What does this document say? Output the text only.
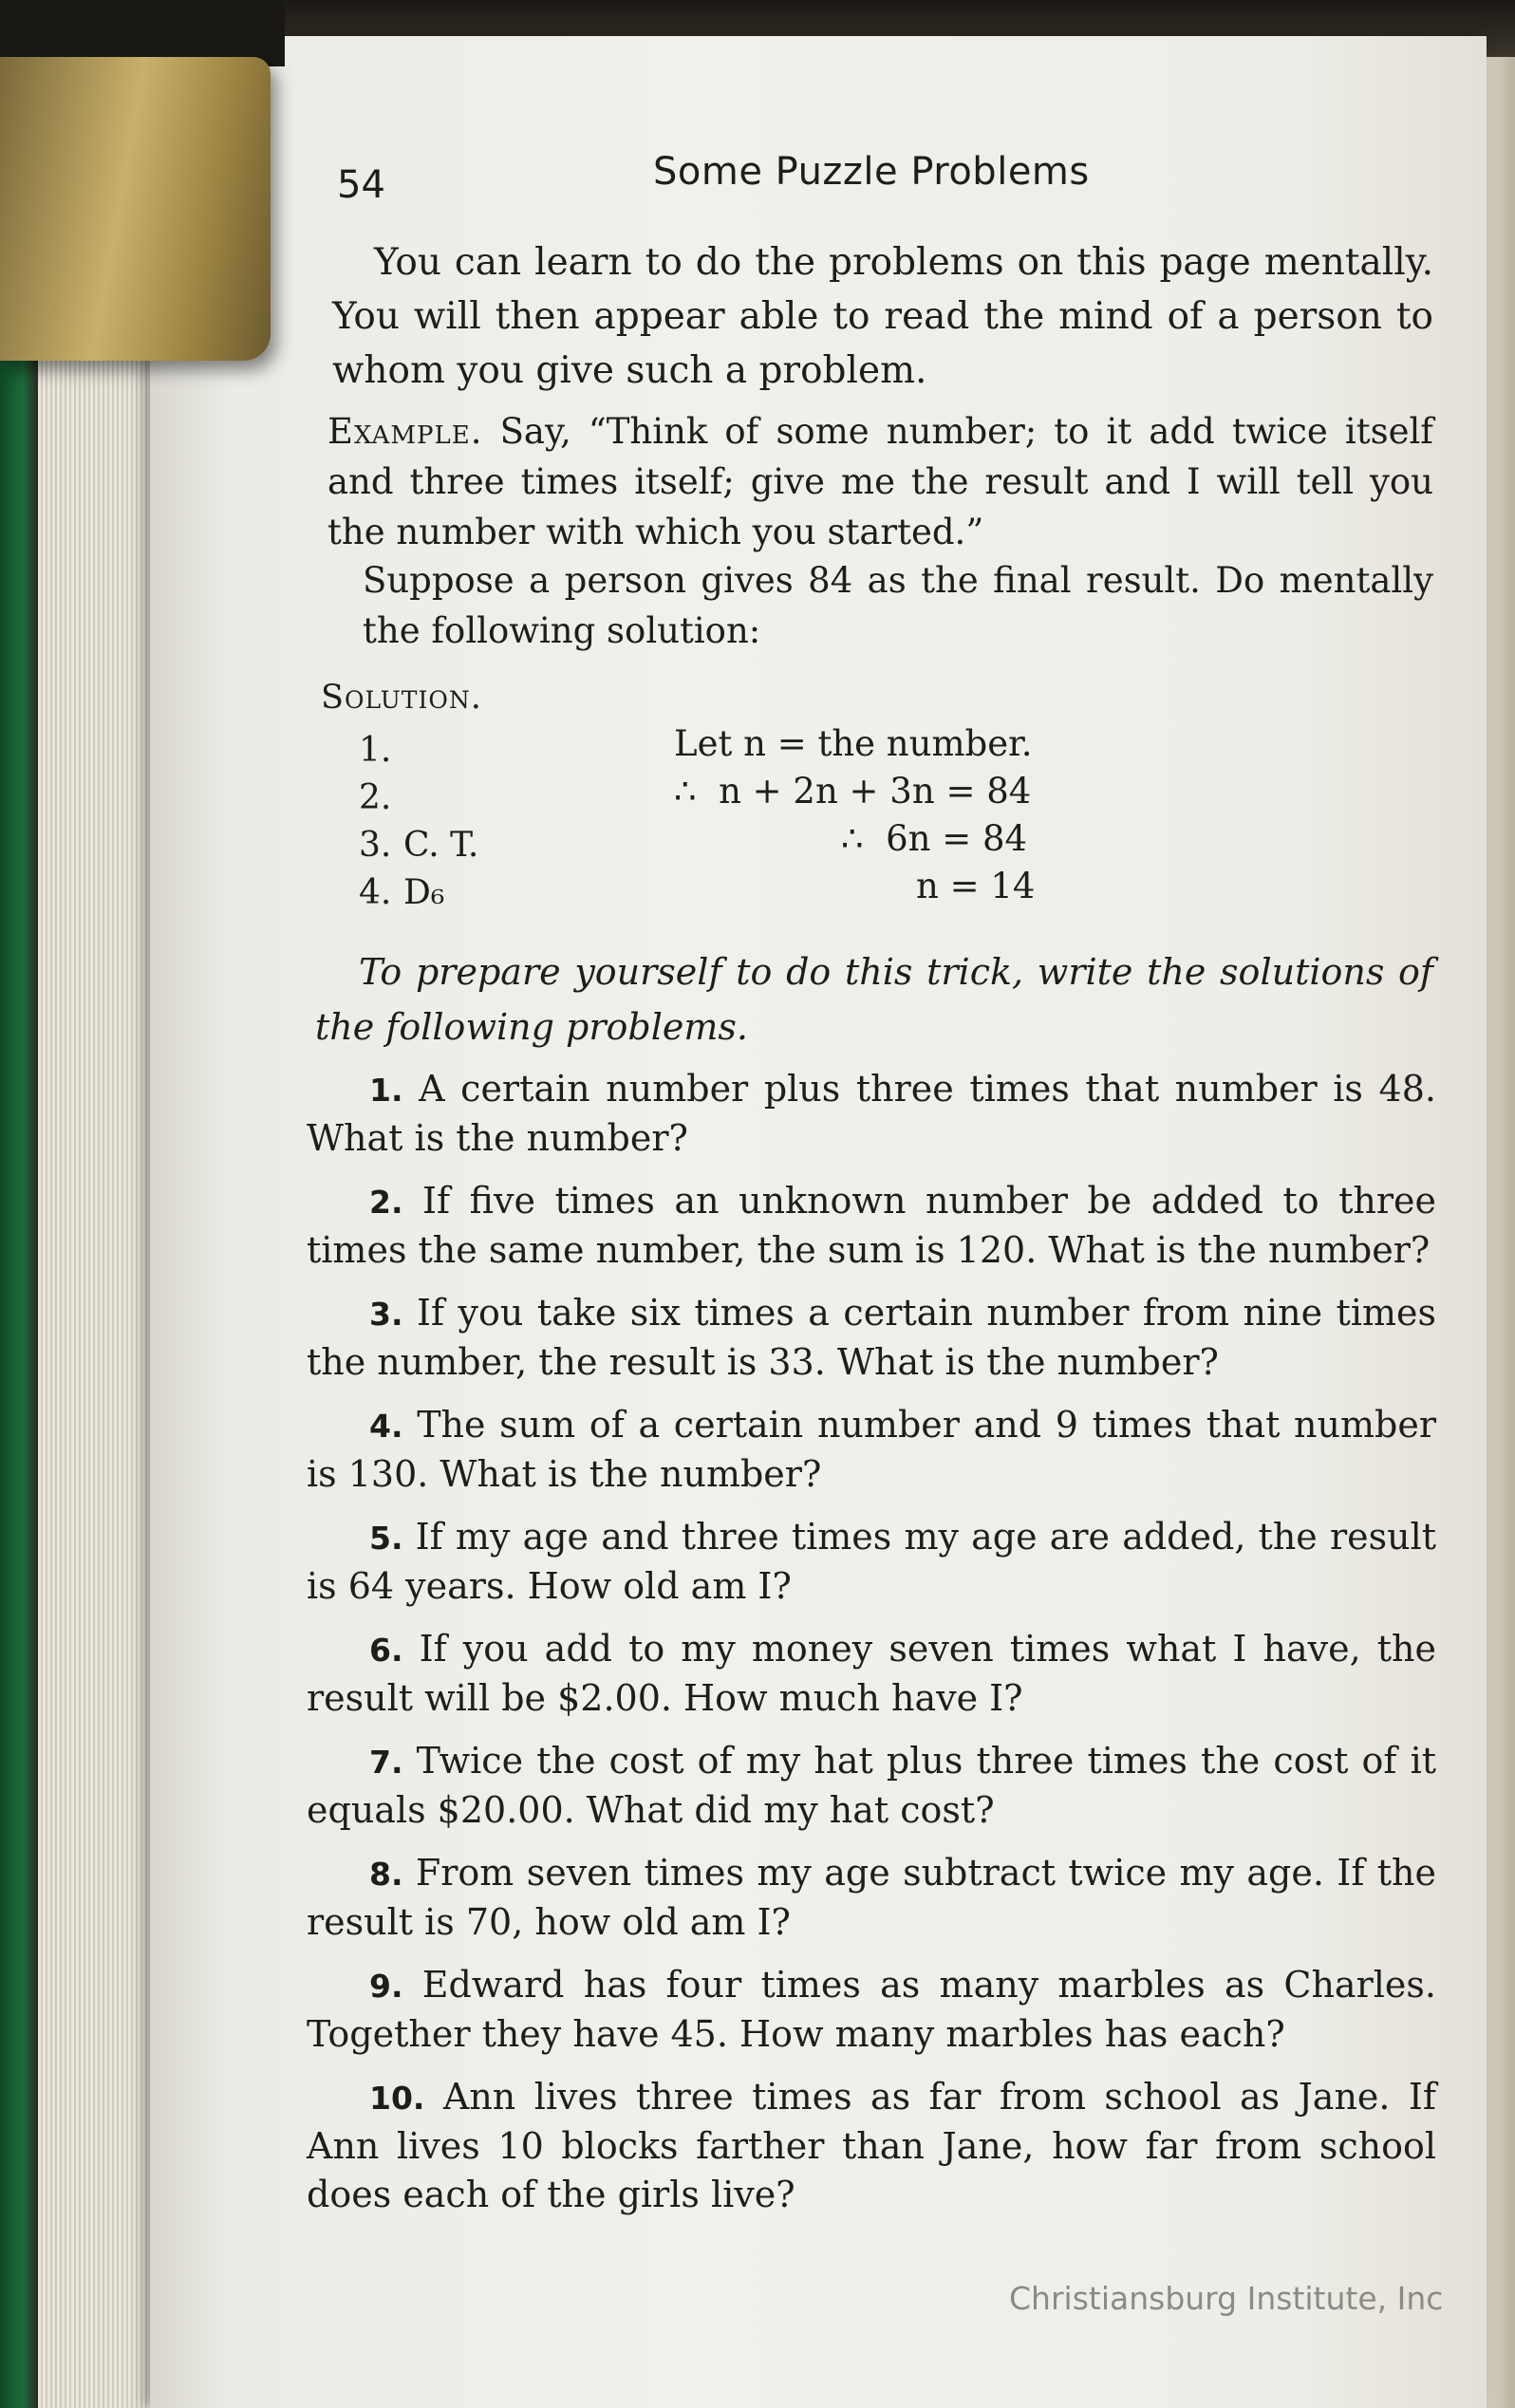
54	Some Puzzle Problems
You can learn to do the problems on this page mentally. You will then appear able to read the mind of a person to whom you give such a problem.
Example. Say, “Think of some number; to it add twice itself and three times itself; give me the result and I will tell you the number with which you started.”
Solution.
1.	Let n = the number.
2.	∴  n + 2n + 3n = 84
3. C. T.	∴  6n = 84
4. D₆	n = 14
To prepare yourself to do this trick, write the solutions of the following problems.

1. A certain number plus three times that number is 48. What is the number?

2. If five times an unknown number be added to three times the same number, the sum is 120. What is the number?

3. If you take six times a certain number from nine times the number, the result is 33. What is the number?

4. The sum of a certain number and 9 times that number is 130. What is the number?

5. If my age and three times my age are added, the result is 64 years. How old am I?

6. If you add to my money seven times what I have, the result will be $2.00. How much have I?

7. Twice the cost of my hat plus three times the cost of it equals $20.00. What did my hat cost?

8. From seven times my age subtract twice my age. If the result is 70, how old am I?

9. Edward has four times as many marbles as Charles. Together they have 45. How many marbles has each?

10. Ann lives three times as far from school as Jane. If Ann lives 10 blocks farther than Jane, how far from school does each of the girls live?

Suppose a person gives 84 as the final result. Do mentally the following solution:
Christiansburg Institute, Inc
